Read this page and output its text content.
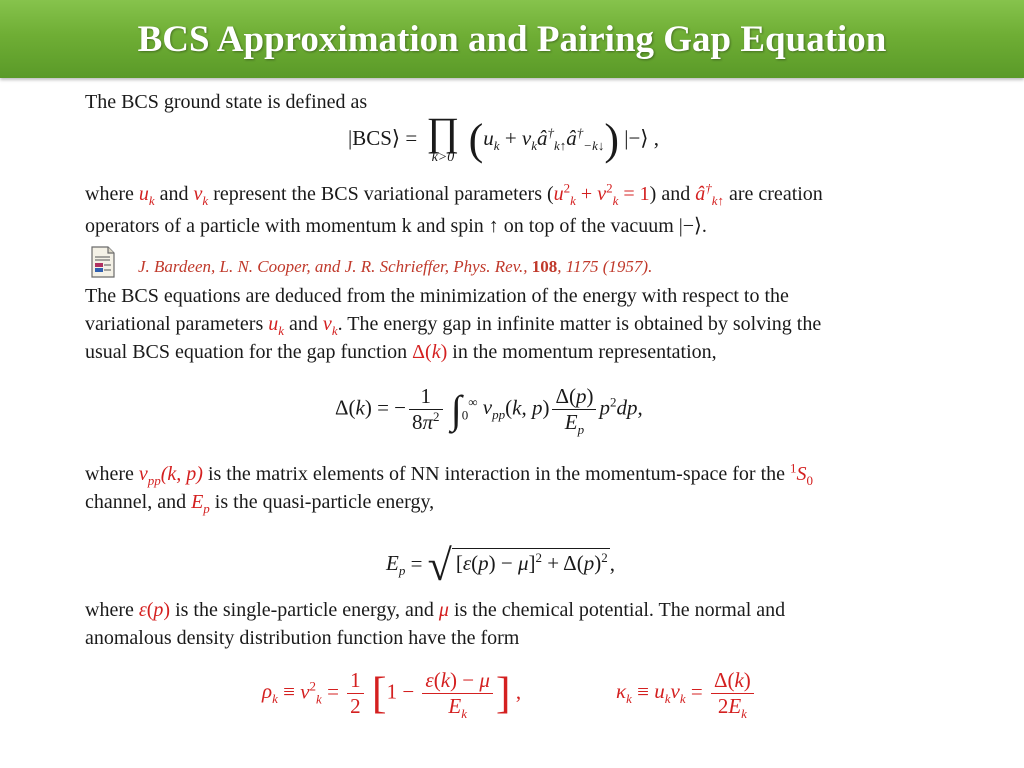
BCS Approximation and Pairing Gap Equation
The BCS ground state is defined as
|BCS⟩ = ∏
k>0 ($u_k$ + $v_kâ^\dagger_{k↑}â^\dagger_{-k↓}$) |−⟩ ,
where $u_k$ and $v_k$ represent the BCS variational parameters $(u^2_k + v^2_k = 1)$ and $â^\dagger_{k↑}$ are creation
operators of a particle with momentum k and spin ↑ on top of the vacuum |−⟩.
J. Bardeen, L. N. Cooper, and J. R. Schrieffer, Phys. Rev., 108, 1175 (1957).
The BCS equations are deduced from the minimization of the energy with respect to the
variational parameters $u_k$ and $v_k$. The energy gap in infinite matter is obtained by solving the
usual BCS equation for the gap function Δ(k) in the momentum representation,
Δ(k) = − $\frac{1}{8\pi^2} \int_0^\infty$ $v_{pp}(k$, $p) \frac{\Delta(p)}{E_p} p^2dp$,
where $v_{pp}(k$, p) is the matrix elements of NN interaction in the momentum-space for the $^1S_0$
channel, and $E_p$ is the quasi-particle energy,
$E_p$ = √ $[\varepsilon(p) - \mu]^2 + \Delta(p)^2$,
where ε(p) is the single-particle energy, and μ is the chemical potential. The normal and
anomalous density distribution function have the form
$\rho_k \equiv v^2_k = \frac{1}{2} [1 - \frac{\varepsilon(k) - \mu}{E_k}$ ] ,	$\kappa_k \equiv u_kv_k = \frac{\Delta(k)}{2E_k}$
